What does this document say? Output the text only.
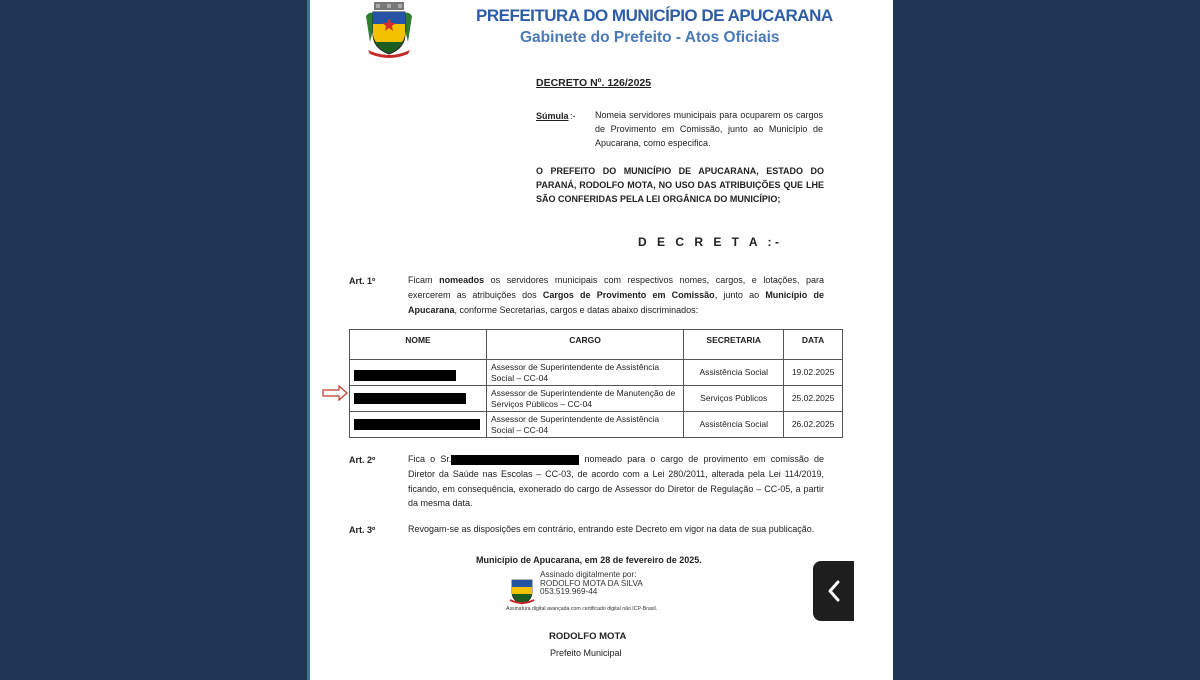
PREFEITURA DO MUNICÍPIO DE APUCARANA
Gabinete do Prefeito - Atos Oficiais
DECRETO Nº. 126/2025
Súmula :- Nomeia servidores municipais para ocuparem os cargos de Provimento em Comissão, junto ao Município de Apucarana, como especifica.
O PREFEITO DO MUNICÍPIO DE APUCARANA, ESTADO DO PARANÁ, RODOLFO MOTA, NO USO DAS ATRIBUIÇÕES QUE LHE SÃO CONFERIDAS PELA LEI ORGÂNICA DO MUNICÍPIO;
D E C R E T A :-
Art. 1º	Ficam nomeados os servidores municipais com respectivos nomes, cargos, e lotações, para exercerem as atribuições dos Cargos de Provimento em Comissão, junto ao Município de Apucarana, conforme Secretarias, cargos e datas abaixo discriminados:
NOME	CARGO	SECRETARIA	DATA
	Assessor de Superintendente de Assistência Social – CC-04	Assistência Social	19.02.2025
	Assessor de Superintendente de Manutenção de Serviços Públicos – CC-04	Serviços Públicos	25.02.2025
	Assessor de Superintendente de Assistência Social – CC-04	Assistência Social	26.02.2025
Art. 2º	Fica o Sr.	nomeado para o cargo de provimento em comissão de Diretor da Saúde nas Escolas – CC-03, de acordo com a Lei 280/2011, alterada pela Lei 114/2019, ficando, em consequência, exonerado do cargo de Assessor do Diretor de Regulação – CC-05, a partir da mesma data.
Art. 3º	Revogam-se as disposições em contrário, entrando este Decreto em vigor na data de sua publicação.
Município de Apucarana, em 28 de fevereiro de 2025.
Assinado digitalmente por:
RODOLFO MOTA DA SILVA
053.519.969-44
Assinatura digital avançada com certificado digital não ICP-Brasil.
RODOLFO MOTA
Prefeito Municipal
